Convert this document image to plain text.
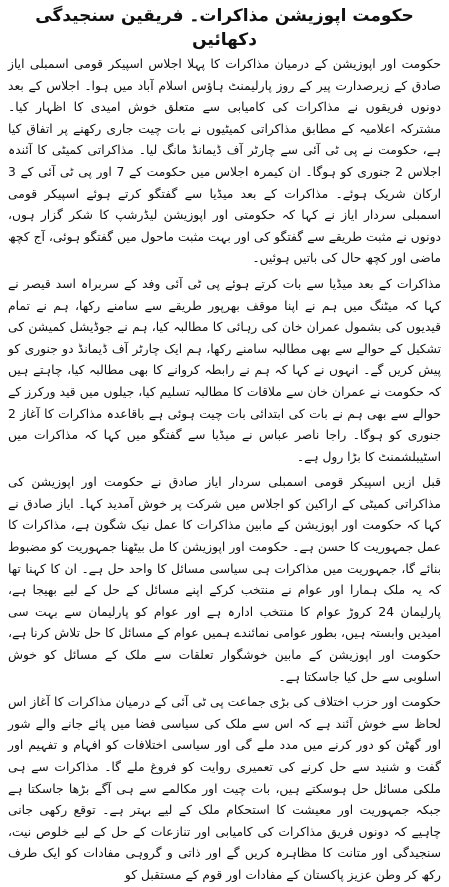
حکومت اپوزیشن مذاکرات۔ فریقین سنجیدگی دکھائیں

حکومت اور اپوزیشن کے درمیان مذاکرات کا پہلا اجلاس اسپیکر قومی اسمبلی ایاز صادق کے زیرصدارت پیر کے روز پارلیمنٹ ہاؤس اسلام آباد میں ہوا۔ اجلاس کے بعد دونوں فریقوں نے مذاکرات کی کامیابی سے متعلق خوش امیدی کا اظہار کیا۔ مشترکہ اعلامیہ کے مطابق مذاکراتی کمیٹیوں نے بات چیت جاری رکھنے پر اتفاق کیا ہے، حکومت نے پی ٹی آئی سے چارٹر آف ڈیمانڈ مانگ لیا۔ مذاکراتی کمیٹی کا آئندہ اجلاس 2 جنوری کو ہوگا۔ ان کیمرہ اجلاس میں حکومت کے 7 اور پی ٹی آئی کے 3 ارکان شریک ہوئے۔ مذاکرات کے بعد میڈیا سے گفتگو کرتے ہوئے اسپیکر قومی اسمبلی سردار ایاز نے کہا کہ حکومتی اور اپوزیشن لیڈرشپ کا شکر گزار ہوں، دونوں نے مثبت طریقے سے گفتگو کی اور بہت مثبت ماحول میں گفتگو ہوئی، آج کچھ ماضی اور کچھ حال کی باتیں ہوئیں۔

مذاکرات کے بعد میڈیا سے بات کرتے ہوئے پی ٹی آئی وفد کے سربراہ اسد قیصر نے کہا کہ میٹنگ میں ہم نے اپنا موقف بھرپور طریقے سے سامنے رکھا، ہم نے تمام قیدیوں کی بشمول عمران خان کی رہائی کا مطالبہ کیا، ہم نے جوڈیشل کمیشن کی تشکیل کے حوالے سے بھی مطالبہ سامنے رکھا، ہم ایک چارٹر آف ڈیمانڈ دو جنوری کو پیش کریں گے۔ انہوں نے کہا کہ ہم نے رابطہ کروانے کا بھی مطالبہ کیا، چاہتے ہیں کہ حکومت نے عمران خان سے ملاقات کا مطالبہ تسلیم کیا، جیلوں میں قید ورکرز کے حوالے سے بھی ہم نے بات کی ابتدائی بات چیت ہوئی ہے باقاعدہ مذاکرات کا آغاز 2 جنوری کو ہوگا۔ راجا ناصر عباس نے میڈیا سے گفتگو میں کہا کہ مذاکرات میں اسٹیبلشمنٹ کا بڑا رول ہے۔

قبل ازیں اسپیکر قومی اسمبلی سردار ایاز صادق نے حکومت اور اپوزیشن کی مذاکراتی کمیٹی کے اراکین کو اجلاس میں شرکت پر خوش آمدید کہا۔ ایاز صادق نے کہا کہ حکومت اور اپوزیشن کے مابین مذاکرات کا عمل نیک شگون ہے، مذاکرات کا عمل جمہوریت کا حسن ہے۔ حکومت اور اپوزیشن کا مل بیٹھنا جمہوریت کو مضبوط بنائے گا، جمہوریت میں مذاکرات ہی سیاسی مسائل کا واحد حل ہے۔ ان کا کہنا تھا کہ یہ ملک ہمارا اور عوام نے منتخب کرکے اپنے مسائل کے حل کے لیے بھیجا ہے، پارلیمان 24 کروڑ عوام کا منتخب ادارہ ہے اور عوام کو پارلیمان سے بہت سی امیدیں وابستہ ہیں، بطور عوامی نمائندے ہمیں عوام کے مسائل کا حل تلاش کرنا ہے، حکومت اور اپوزیشن کے مابین خوشگوار تعلقات سے ملک کے مسائل کو خوش اسلوبی سے حل کیا جاسکتا ہے۔

حکومت اور حزب اختلاف کی بڑی جماعت پی ٹی آئی کے درمیان مذاکرات کا آغاز اس لحاظ سے خوش آئند ہے کہ اس سے ملک کی سیاسی فضا میں پائے جانے والے شور اور گھٹن کو دور کرنے میں مدد ملے گی اور سیاسی اختلافات کو افہام و تفہیم اور گفت و شنید سے حل کرنے کی تعمیری روایت کو فروغ ملے گا۔ مذاکرات سے ہی ملکی مسائل حل ہوسکتے ہیں، بات چیت اور مکالمے سے ہی آگے بڑھا جاسکتا ہے جبکہ جمہوریت اور معیشت کا استحکام ملک کے لیے بہتر ہے۔ توقع رکھی جانی چاہیے کہ دونوں فریق مذاکرات کی کامیابی اور تنازعات کے حل کے لیے خلوص نیت، سنجیدگی اور متانت کا مظاہرہ کریں گے اور ذاتی و گروہی مفادات کو ایک طرف رکھ کر وطن عزیز پاکستان کے مفادات اور قوم کے مستقبل کو
